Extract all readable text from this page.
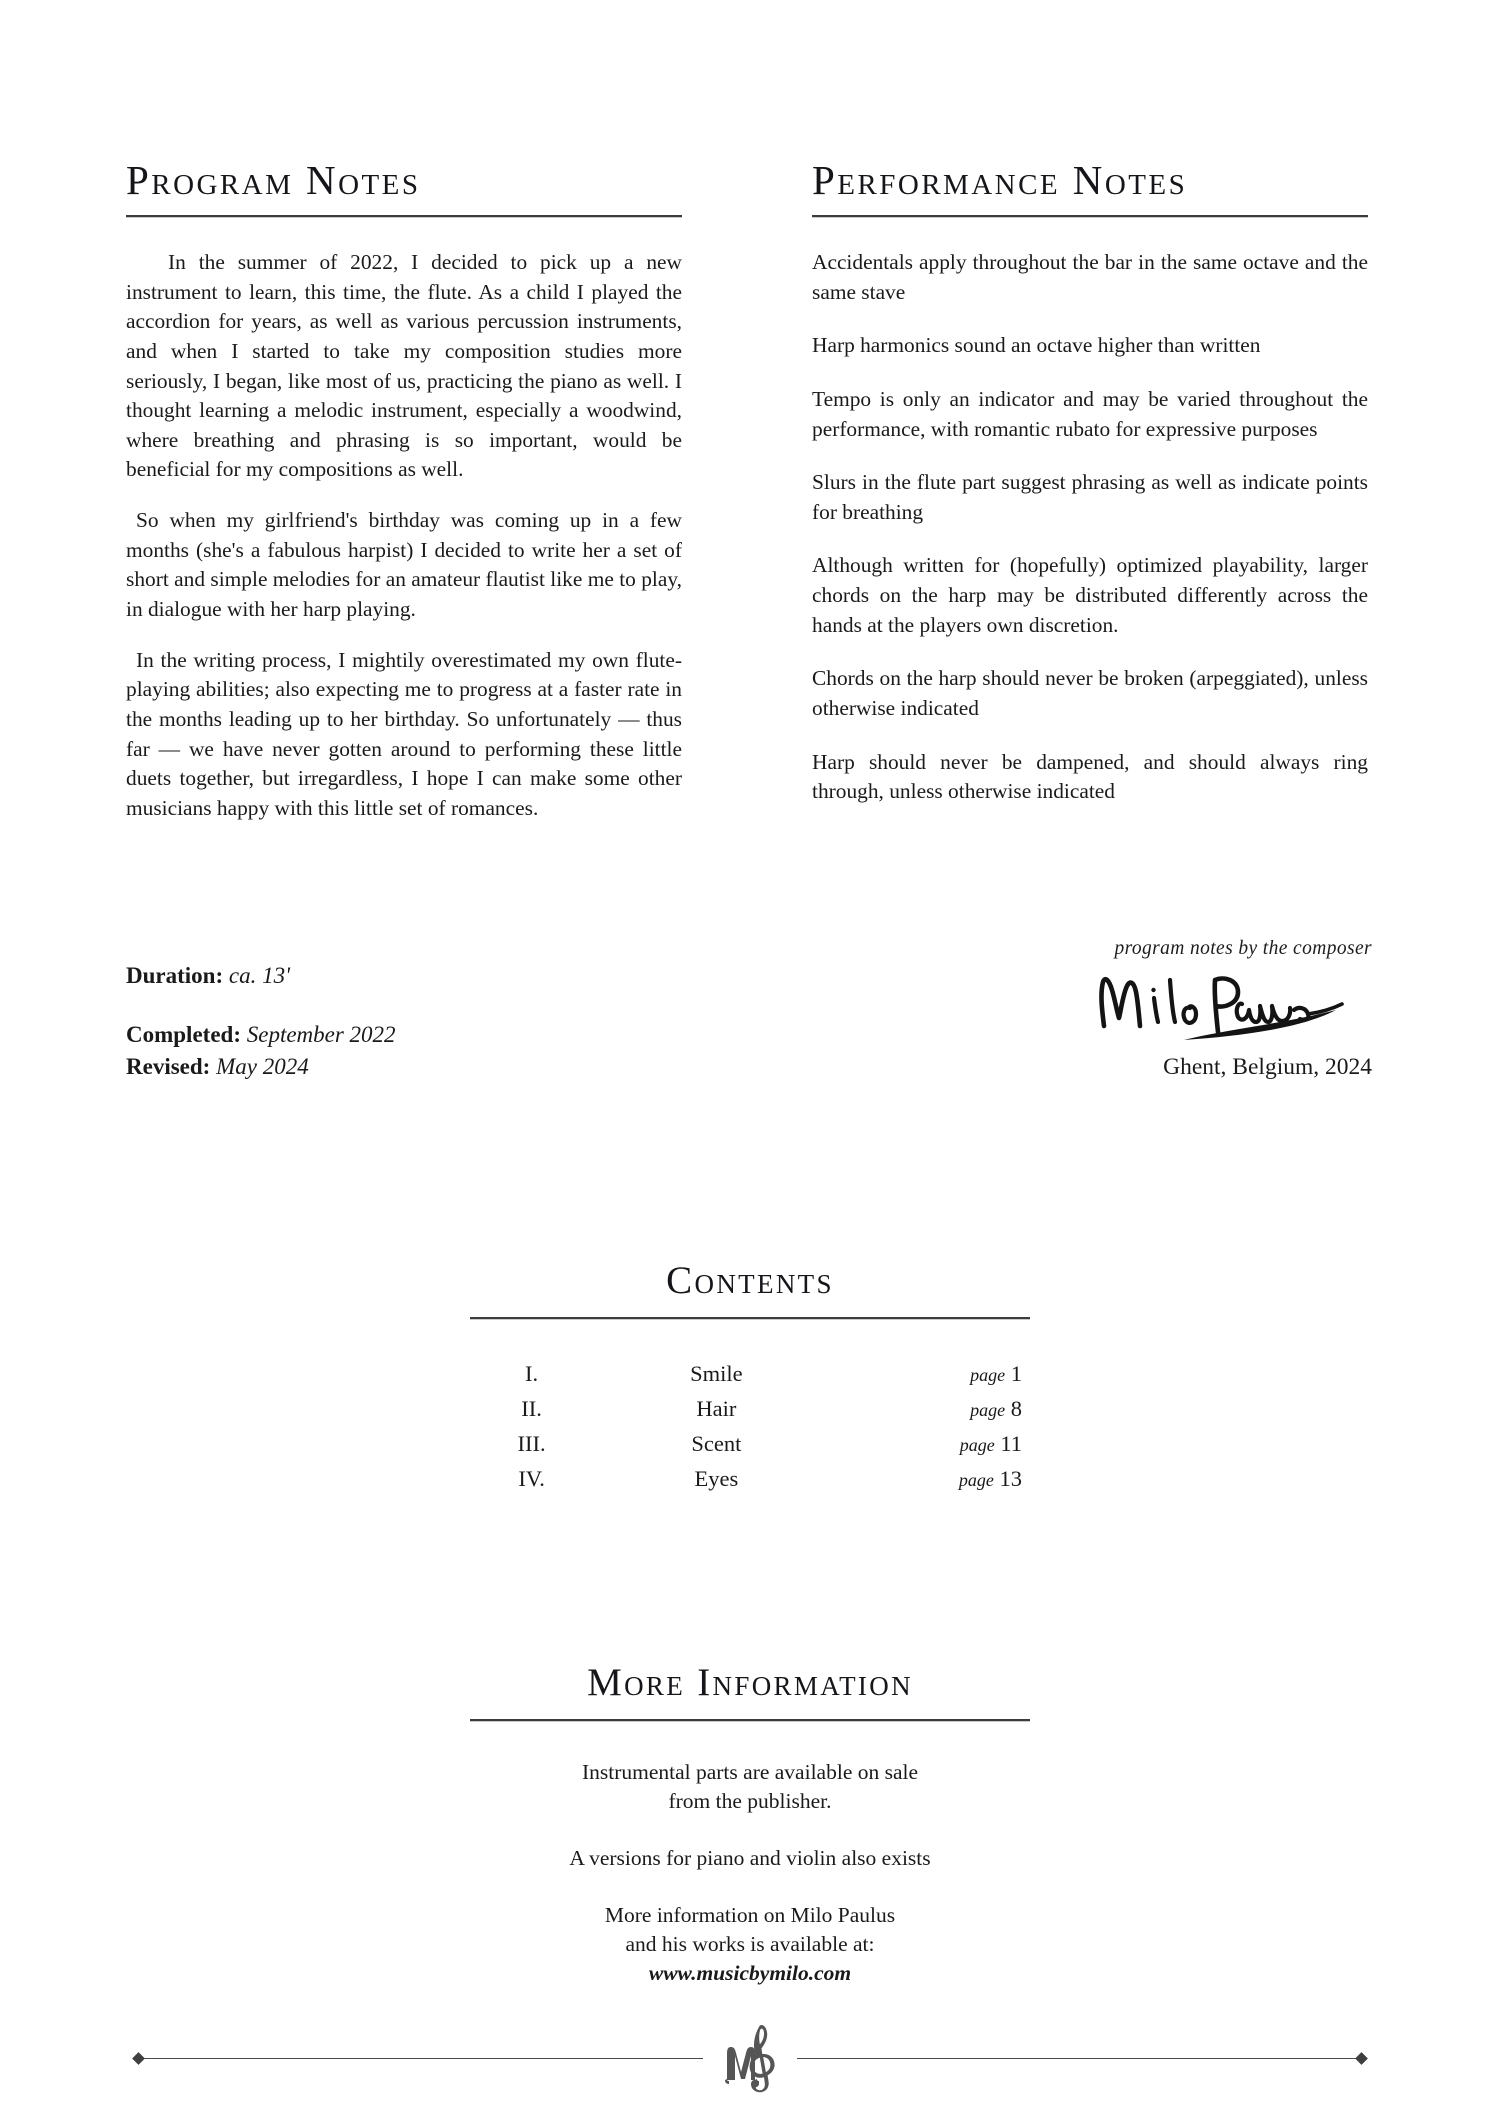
Program Notes

In the summer of 2022, I decided to pick up a new instrument to learn, this time, the flute. As a child I played the accordion for years, as well as various percussion instruments, and when I started to take my composition studies more seriously, I began, like most of us, practicing the piano as well. I thought learning a melodic instrument, especially a woodwind, where breathing and phrasing is so important, would be beneficial for my compositions as well.

So when my girlfriend's birthday was coming up in a few months (she's a fabulous harpist) I decided to write her a set of short and simple melodies for an amateur flautist like me to play, in dialogue with her harp playing.

In the writing process, I mightily overestimated my own flute-playing abilities; also expecting me to progress at a faster rate in the months leading up to her birthday. So unfortunately — thus far — we have never gotten around to performing these little duets together, but irregardless, I hope I can make some other musicians happy with this little set of romances.

Performance Notes

Accidentals apply throughout the bar in the same octave and the same stave

Harp harmonics sound an octave higher than written

Tempo is only an indicator and may be varied throughout the performance, with romantic rubato for expressive purposes

Slurs in the flute part suggest phrasing as well as indicate points for breathing

Although written for (hopefully) optimized playability, larger chords on the harp may be distributed differently across the hands at the players own discretion.

Chords on the harp should never be broken (arpeggiated), unless otherwise indicated

Harp should never be dampened, and should always ring through, unless otherwise indicated

Duration: ca. 13'

Completed: September 2022

Revised: May 2024

program notes by the composer

Ghent, Belgium, 2024

Contents
I.	Smile	page 1
II.	Hair	page 8
III.	Scent	page 11
IV.	Eyes	page 13
More Information

Instrumental parts are available on sale

from the publisher.

A versions for piano and violin also exists

More information on Milo Paulus

and his works is available at:

www.musicbymilo.com
